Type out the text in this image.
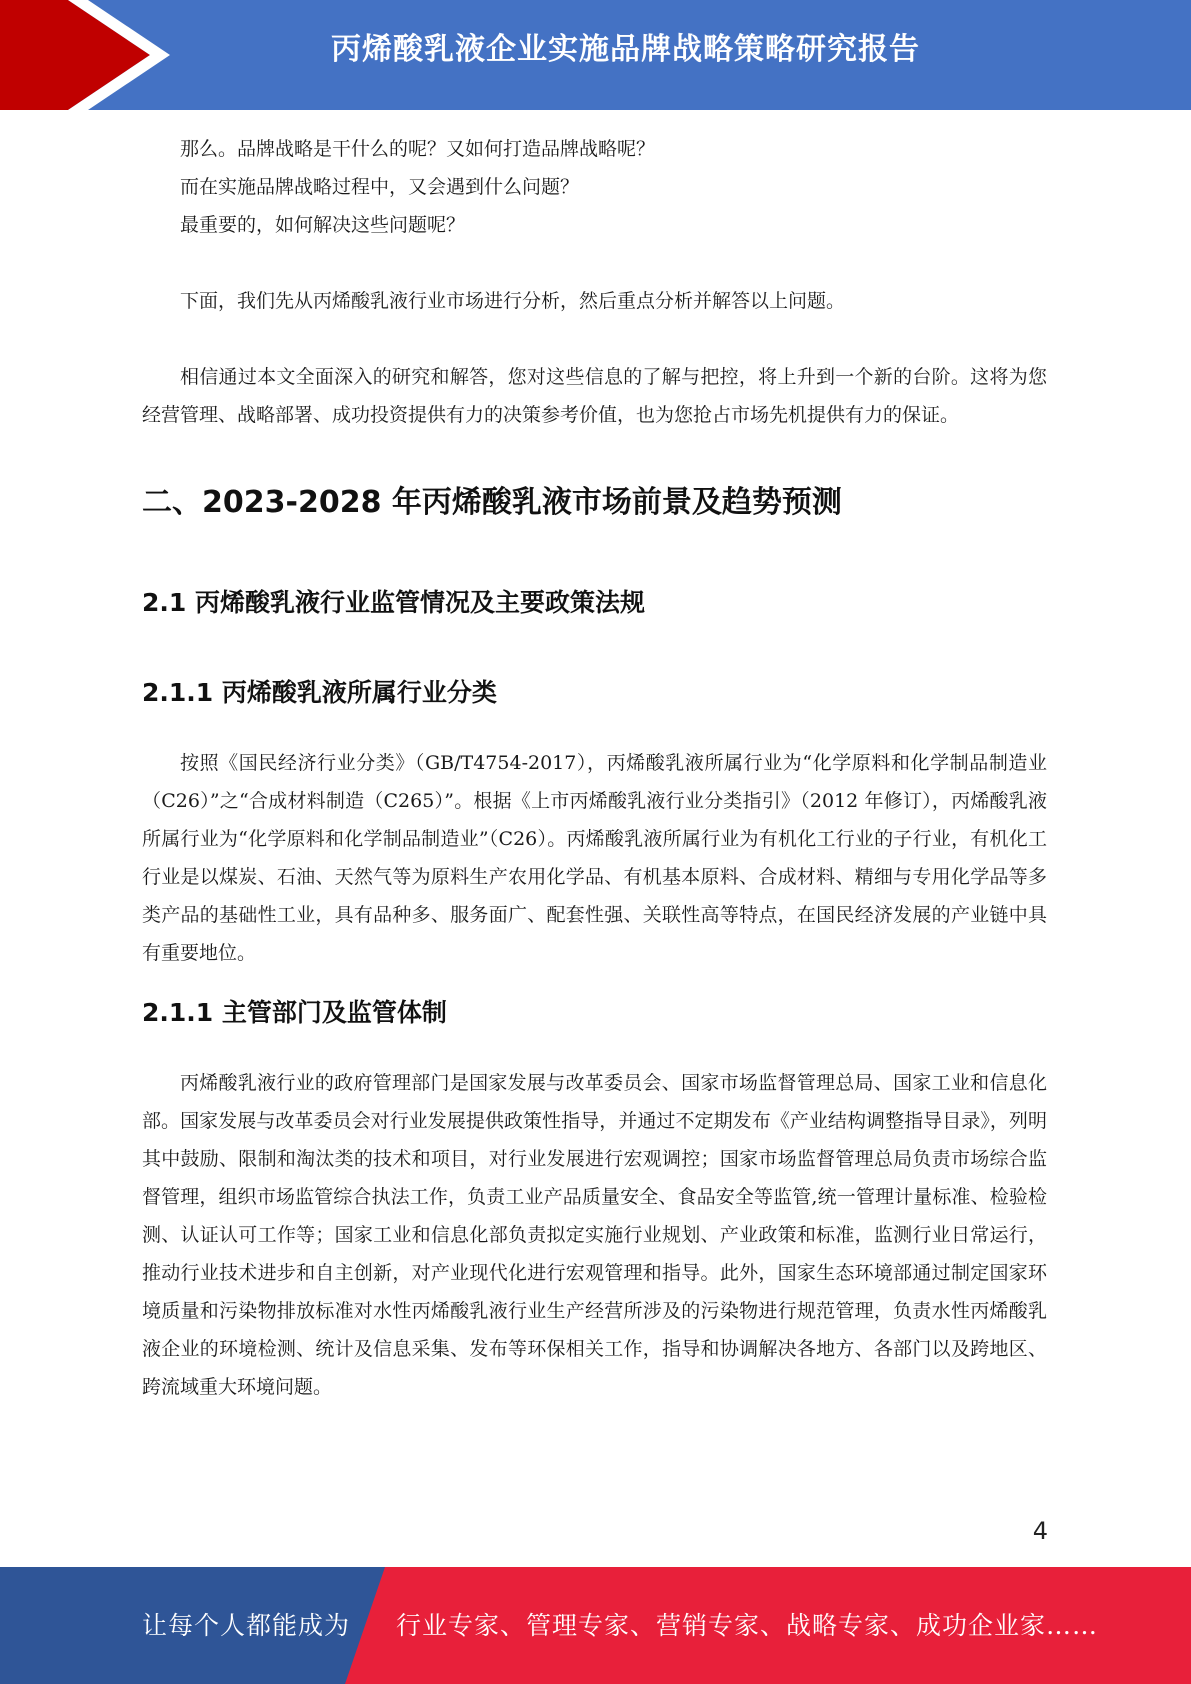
丙烯酸乳液企业实施品牌战略策略研究报告

那么。品牌战略是干什么的呢？又如何打造品牌战略呢？

而在实施品牌战略过程中，又会遇到什么问题？

最重要的，如何解决这些问题呢？

下面，我们先从丙烯酸乳液行业市场进行分析，然后重点分析并解答以上问题。

相信通过本文全面深入的研究和解答，您对这些信息的了解与把控，将上升到一个新的台阶。这将为您经营管理、战略部署、成功投资提供有力的决策参考价值，也为您抢占市场先机提供有力的保证。

二、2023-2028 年丙烯酸乳液市场前景及趋势预测
2.1 丙烯酸乳液行业监管情况及主要政策法规
2.1.1 丙烯酸乳液所属行业分类

按照《国民经济行业分类》（GB/T4754-2017），丙烯酸乳液所属行业为“化学原料和化学制品制造业（C26）”之“合成材料制造（C265）”。根据《上市丙烯酸乳液行业分类指引》（2012 年修订），丙烯酸乳液所属行业为“化学原料和化学制品制造业”（C26）。丙烯酸乳液所属行业为有机化工行业的子行业，有机化工行业是以煤炭、石油、天然气等为原料生产农用化学品、有机基本原料、合成材料、精细与专用化学品等多类产品的基础性工业，具有品种多、服务面广、配套性强、关联性高等特点，在国民经济发展的产业链中具有重要地位。

2.1.1 主管部门及监管体制

丙烯酸乳液行业的政府管理部门是国家发展与改革委员会、国家市场监督管理总局、国家工业和信息化部。国家发展与改革委员会对行业发展提供政策性指导，并通过不定期发布《产业结构调整指导目录》，列明其中鼓励、限制和淘汰类的技术和项目，对行业发展进行宏观调控；国家市场监督管理总局负责市场综合监督管理，组织市场监管综合执法工作，负责工业产品质量安全、食品安全等监管,统一管理计量标准、检验检测、认证认可工作等；国家工业和信息化部负责拟定实施行业规划、产业政策和标准，监测行业日常运行，推动行业技术进步和自主创新，对产业现代化进行宏观管理和指导。此外，国家生态环境部通过制定国家环境质量和污染物排放标准对水性丙烯酸乳液行业生产经营所涉及的污染物进行规范管理，负责水性丙烯酸乳液企业的环境检测、统计及信息采集、发布等环保相关工作，指导和协调解决各地方、各部门以及跨地区、跨流域重大环境问题。

4
让每个人都能成为 行业专家、管理专家、营销专家、战略专家、成功企业家……
